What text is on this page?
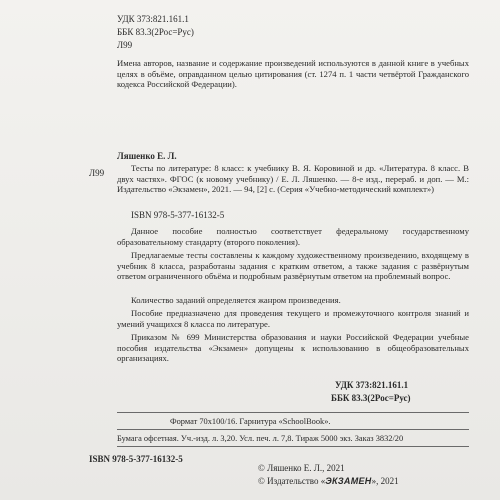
УДК 373:821.161.1
ББК 83.3(2Рос=Рус)
Л99
Имена авторов, название и содержание произведений используются в данной книге в учебных целях в объёме, оправданном целью цитирования (ст. 1274 п. 1 части четвёртой Гражданского кодекса Российской Федерации).
Л99
Ляшенко Е. Л.
Тесты по литературе: 8 класс: к учебнику В. Я. Коровиной и др. «Литература. 8 класс. В двух частях». ФГОС (к новому учебнику) / Е. Л. Ляшенко. — 8-е изд., перераб. и доп. — М.: Издательство «Экзамен», 2021. — 94, [2] с. (Серия «Учебно-методический комплект»)
ISBN 978-5-377-16132-5
Данное пособие полностью соответствует федеральному государственному образовательному стандарту (второго поколения).
Предлагаемые тесты составлены к каждому художественному произведению, входящему в учебник 8 класса, разработаны задания с кратким ответом, а также задания с развёрнутым ответом ограниченного объёма и подробным развёрнутым ответом на проблемный вопрос.
Количество заданий определяется жанром произведения.
Пособие предназначено для проведения текущего и промежуточного контроля знаний и умений учащихся 8 класса по литературе.
Приказом № 699 Министерства образования и науки Российской Федерации учебные пособия издательства «Экзамен» допущены к использованию в общеобразовательных организациях.
УДК 373:821.161.1
ББК 83.3(2Рос=Рус)
Формат 70x100/16. Гарнитура «SchoolBook».
Бумага офсетная. Уч.-изд. л. 3,20. Усл. печ. л. 7,8. Тираж 5000 экз. Заказ 3832/20
ISBN 978-5-377-16132-5
© Ляшенко Е. Л., 2021
© Издательство «ЭКЗАМЕН», 2021
